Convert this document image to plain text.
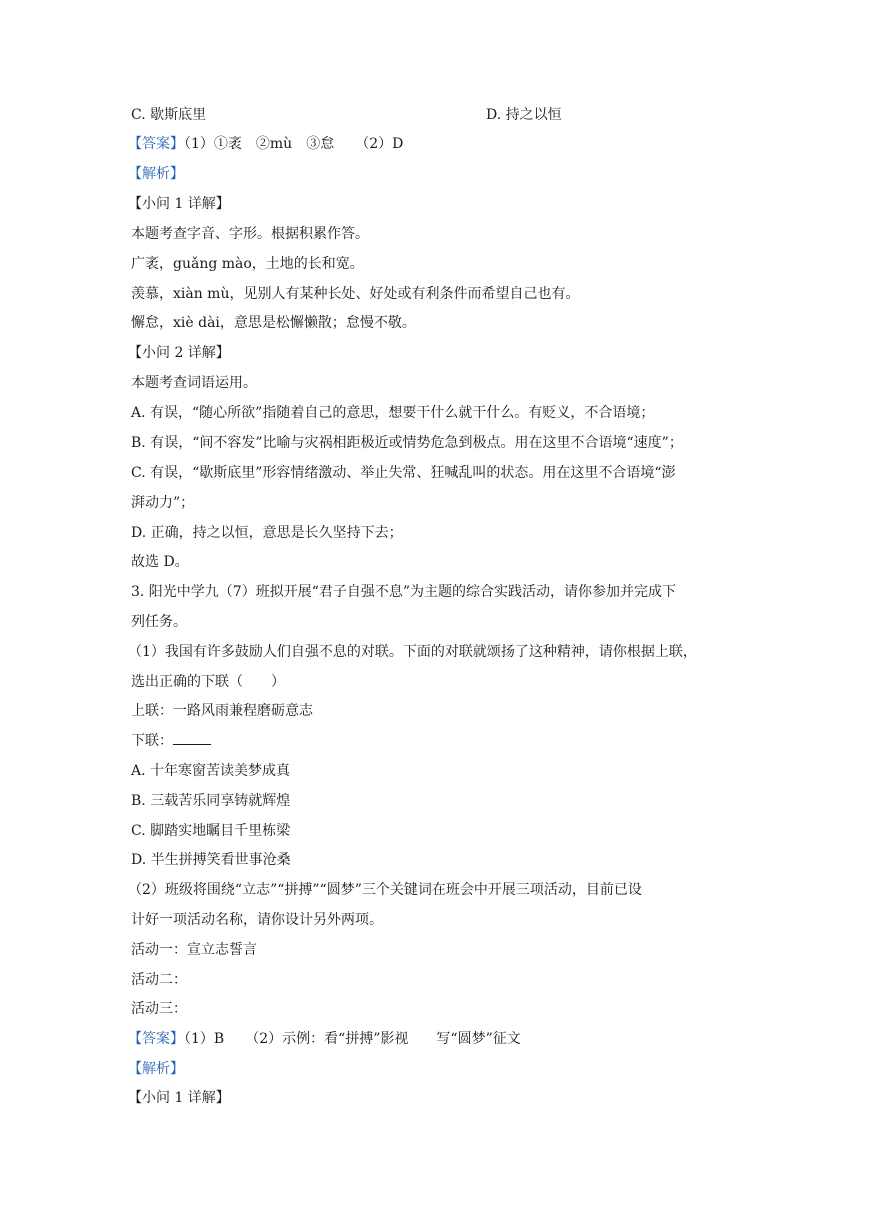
C. 歇斯底里	D. 持之以恒
【答案】（1）①袤　②mù　③怠　　（2）D
【解析】
【小问 1 详解】
本题考查字音、字形。根据积累作答。
广袤，guǎng mào，土地的长和宽。
羡慕，xiàn mù，见别人有某种长处、好处或有利条件而希望自己也有。
懈怠，xiè dài，意思是松懈懒散；怠慢不敬。
【小问 2 详解】
本题考查词语运用。
A. 有误，“随心所欲”指随着自己的意思，想要干什么就干什么。有贬义，不合语境；
B. 有误，“间不容发”比喻与灾祸相距极近或情势危急到极点。用在这里不合语境“速度”；
C. 有误，“歇斯底里”形容情绪激动、举止失常、狂喊乱叫的状态。用在这里不合语境“澎
湃动力”；
D. 正确，持之以恒，意思是长久坚持下去；
故选 D。
3. 阳光中学九（7）班拟开展“君子自强不息”为主题的综合实践活动，请你参加并完成下
列任务。
（1）我国有许多鼓励人们自强不息的对联。下面的对联就颂扬了这种精神，请你根据上联，
选出正确的下联（　　）
上联：一路风雨兼程磨砺意志
下联：
A. 十年寒窗苦读美梦成真
B. 三载苦乐同享铸就辉煌
C. 脚踏实地瞩目千里栋梁
D. 半生拼搏笑看世事沧桑
（2）班级将围绕“立志”“拼搏”“圆梦”三个关键词在班会中开展三项活动，目前已设
计好一项活动名称，请你设计另外两项。
活动一：宣立志誓言
活动二：
活动三：
【答案】（1）B　　（2）示例：看“拼搏”影视　　写“圆梦”征文
【解析】
【小问 1 详解】
